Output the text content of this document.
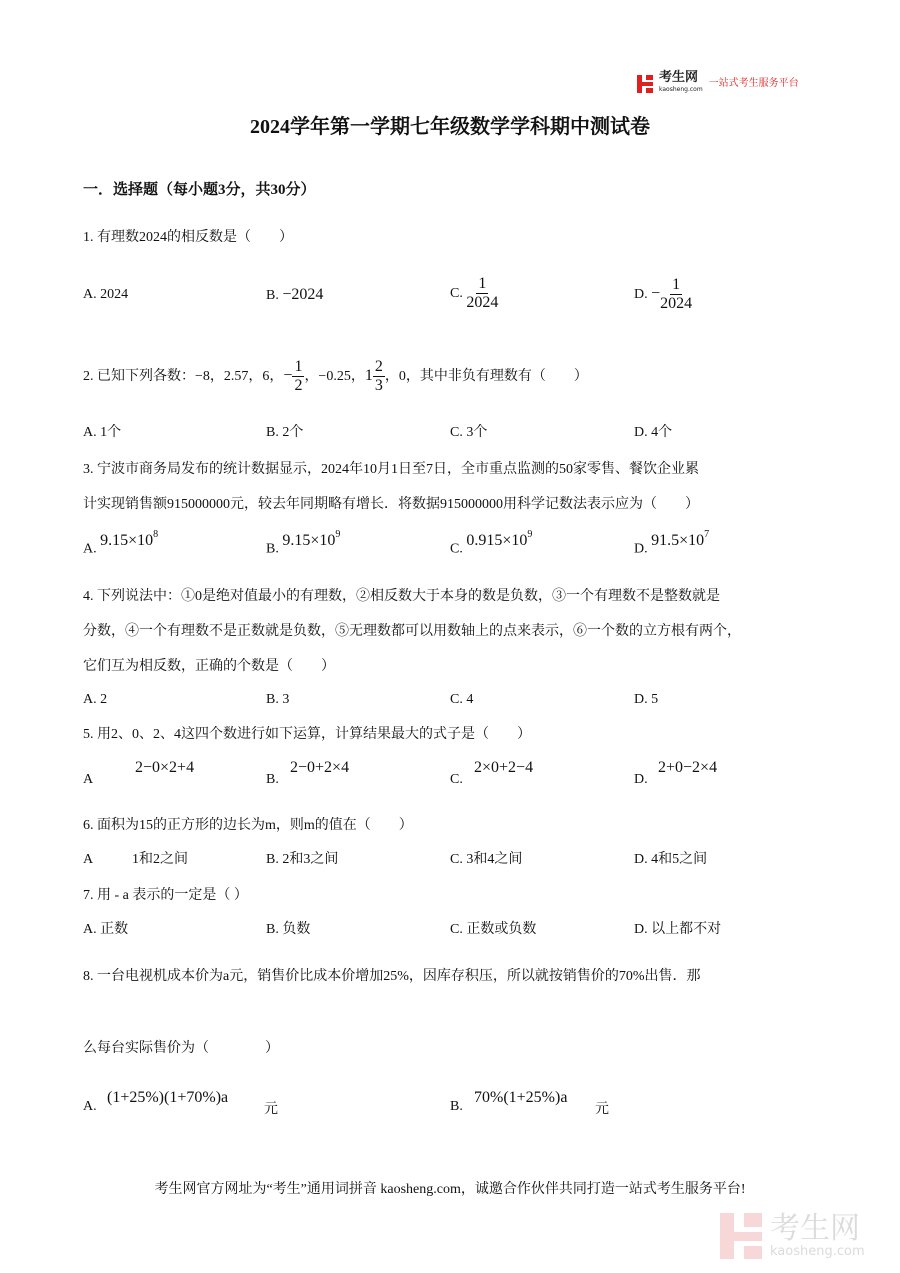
考生网
kaosheng.com
一站式考生服务平台
2024学年第一学期七年级数学学科期中测试卷
一．选择题（每小题3分，共30分）
1. 有理数2024的相反数是（　　）
A. 2024	B. −2024	C. $\frac{1}{2024}$	D. − $\frac{1}{2024}$
2. 已知下列各数：−8，2.57，6，− $\frac{1}{2}$ ，−0.25，$1 \frac{2}{3}$ ，0，其中非负有理数有（　　）
A. 1个	B. 2个	C. 3个	D. 4个
3. 宁波市商务局发布的统计数据显示，2024年10月1日至7日，全市重点监测的50家零售、餐饮企业累
计实现销售额915000000元，较去年同期略有增长．将数据915000000用科学记数法表示应为（　　）
A. $9.15\times 10^8$
B. $9.15\times 10^9$
C. $0.915\times 10^9$
D. $91.5\times 10^7$
4. 下列说法中：①0是绝对值最小的有理数，②相反数大于本身的数是负数，③一个有理数不是整数就是
分数，④一个有理数不是正数就是负数，⑤无理数都可以用数轴上的点来表示，⑥一个数的立方根有两个，
它们互为相反数，正确的个数是（　　）
A. 2	B. 3	C. 4	D. 5
5. 用2、0、2、4这四个数进行如下运算，计算结果最大的式子是（　　）
A
2−0×2+4
B.
2−0+2×4
C.
2×0+2−4
D.
2+0−2×4
6. 面积为15的正方形的边长为m，则m的值在（　　）
A	1和2之间	B. 2和3之间	C. 3和4之间	D. 4和5之间
7. 用 - a 表示的一定是（ ）
A. 正数	B. 负数	C. 正数或负数	D. 以上都不对
8. 一台电视机成本价为a元，销售价比成本价增加25%，因库存积压，所以就按销售价的70%出售．那
么每台实际售价为（　　　　）
A.
(1+25%)(1+70%)a
元	B.
70%(1+25%)a
元
考生网官方网址为“考生”通用词拼音 kaosheng.com，诚邀合作伙伴共同打造一站式考生服务平台!
考生网
kaosheng.com
